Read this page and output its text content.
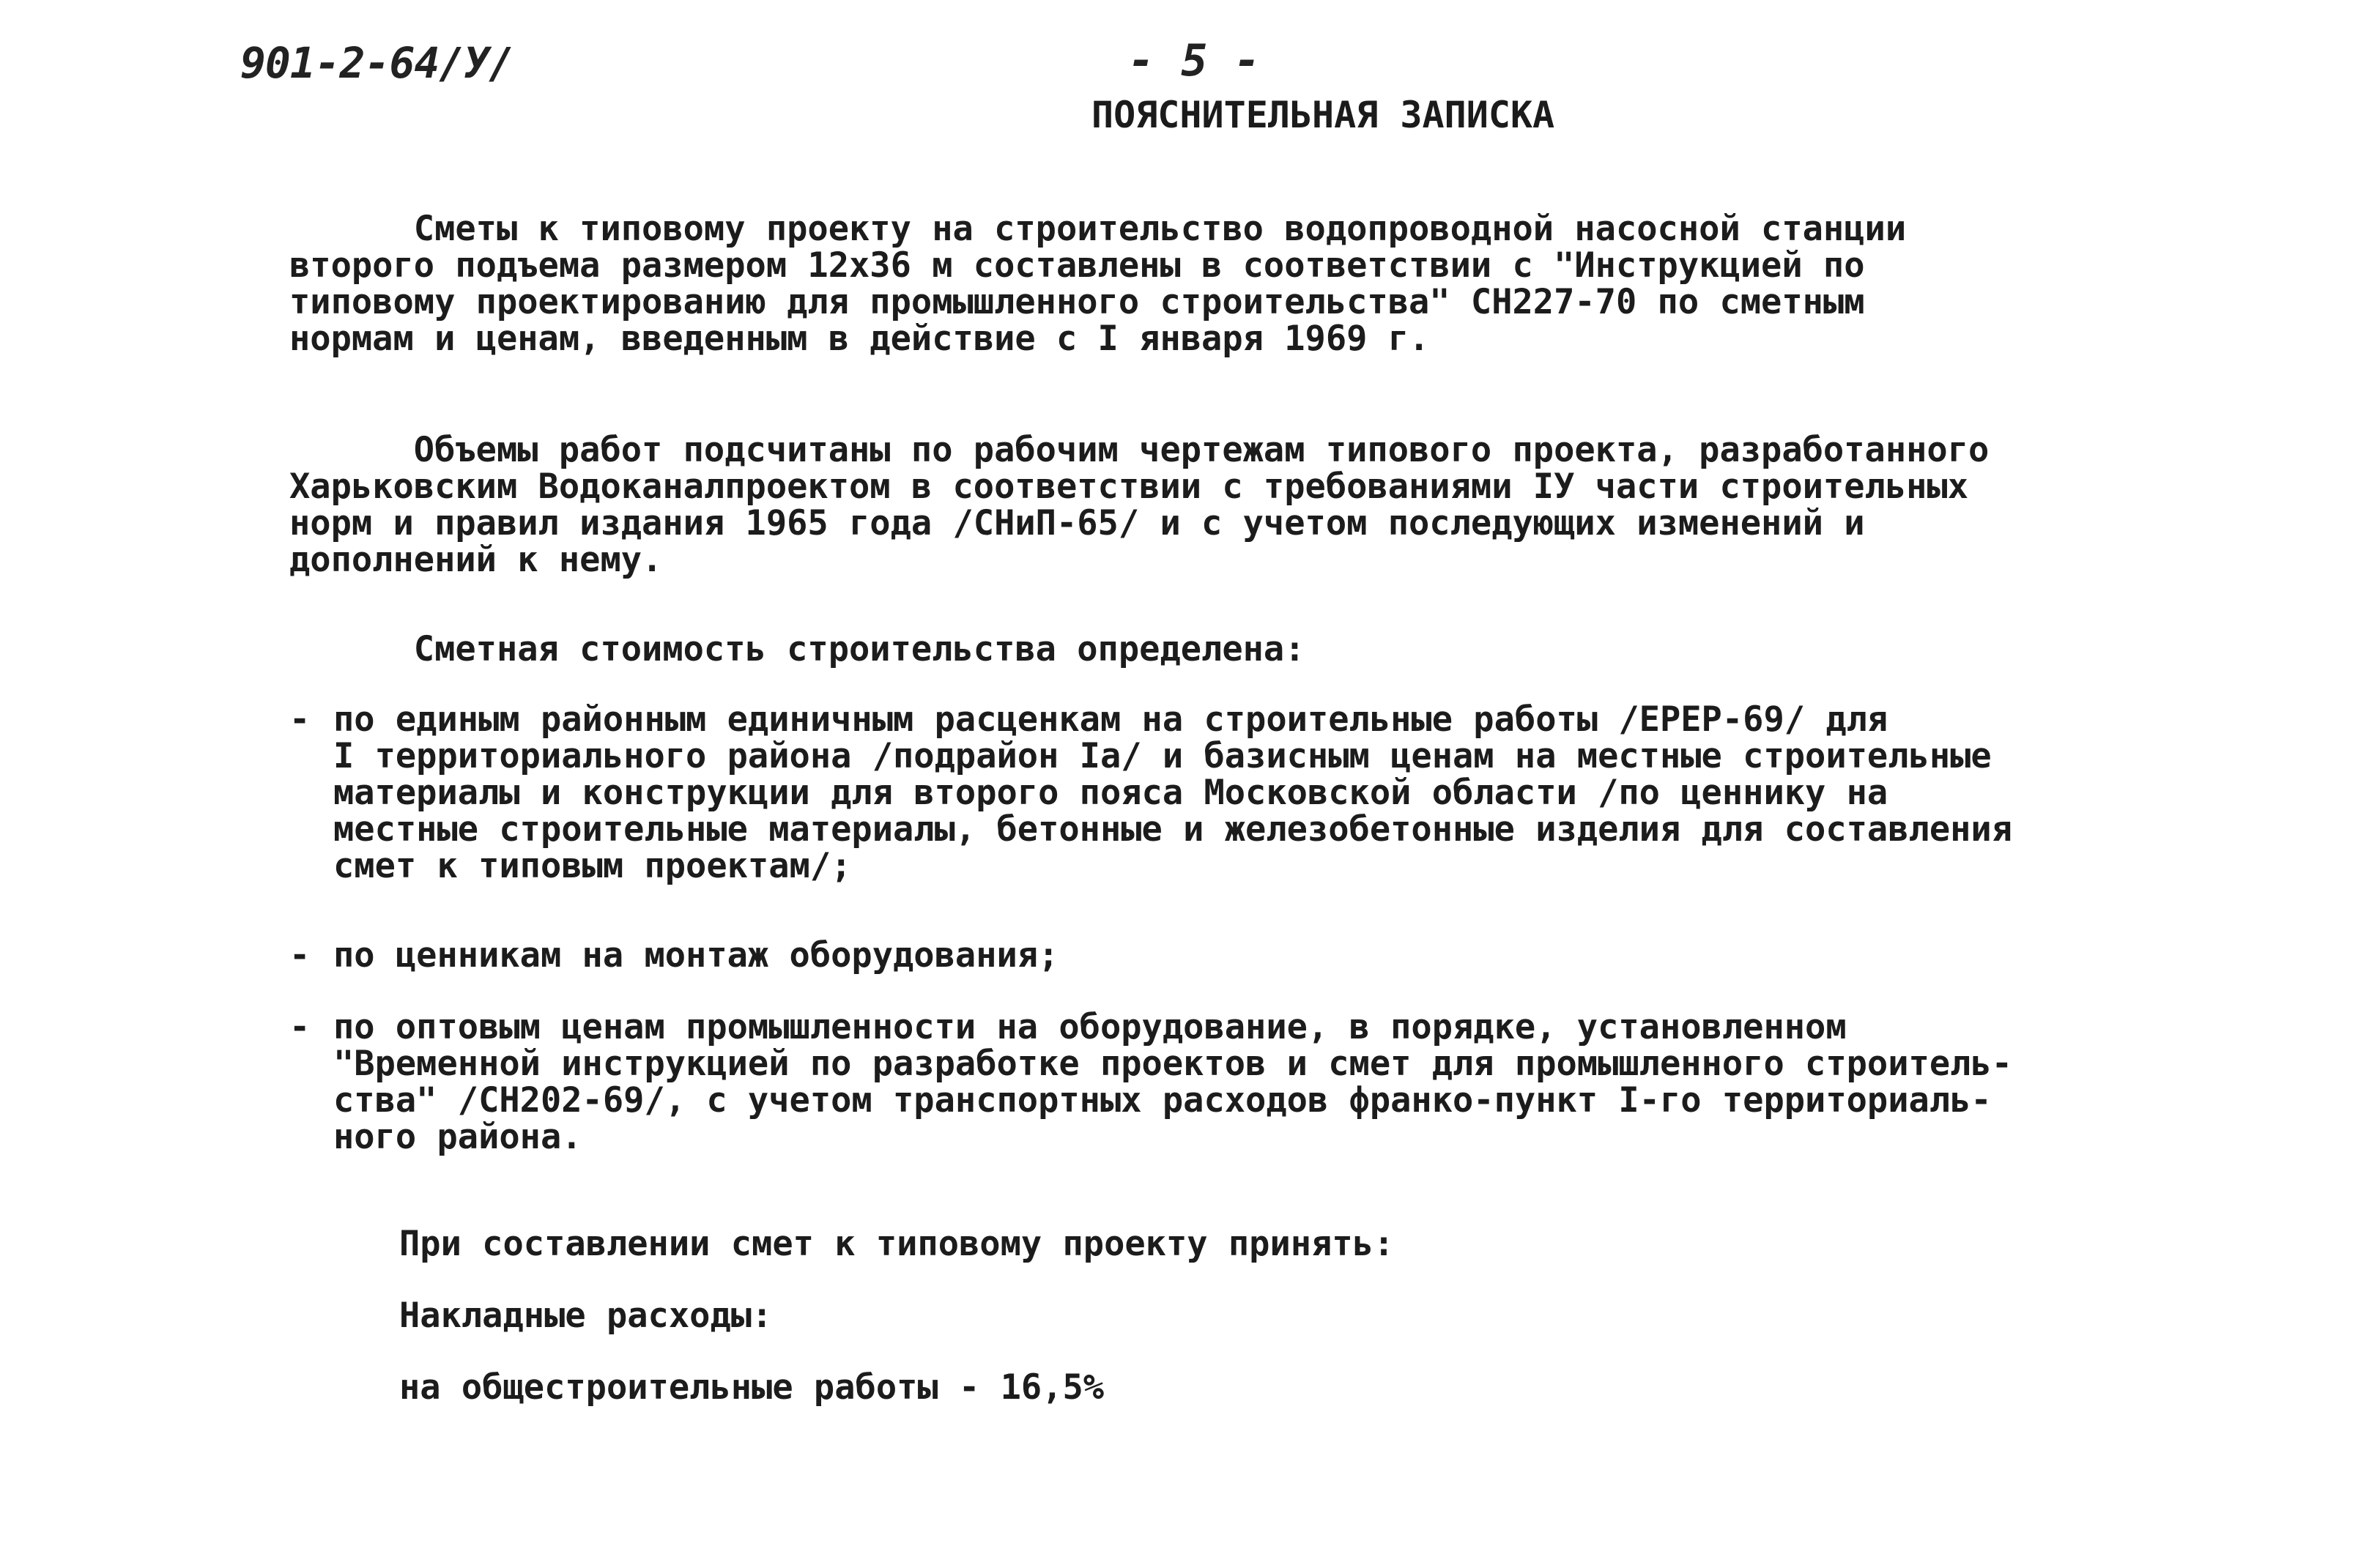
901-2-64/У/	- 5 -
ПОЯСНИТЕЛЬНАЯ ЗАПИСКА
Сметы к типовому проекту на строительство водопроводной насосной станции
второго подъема размером 12х36 м составлены в соответствии с "Инструкцией по
типовому проектированию для промышленного строительства" СН227-70 по сметным
нормам и ценам, введенным в действие с I января 1969 г.
Объемы работ подсчитаны по рабочим чертежам типового проекта, разработанного
Харьковским Водоканалпроектом в соответствии с требованиями IУ части строительных
норм и правил издания 1965 года /СНиП-65/ и с учетом последующих изменений и
дополнений к нему.
Сметная стоимость строительства определена:

-

по единым районным единичным расценкам на строительные работы /ЕРЕР-69/ для
I территориального района /подрайон Iа/ и базисным ценам на местные строительные
материалы и конструкции для второго пояса Московской области /по ценнику на
местные строительные материалы, бетонные и железобетонные изделия для составления
смет к типовым проектам/;

-

по ценникам на монтаж оборудования;

-

по оптовым ценам промышленности на оборудование, в порядке, установленном
"Временной инструкцией по разработке проектов и смет для промышленного строитель-
ства" /СН202-69/, с учетом транспортных расходов франко-пункт I-го территориаль-
ного района.

При составлении смет к типовому проекту принять:
Накладные расходы:
на общестроительные работы - 16,5%
